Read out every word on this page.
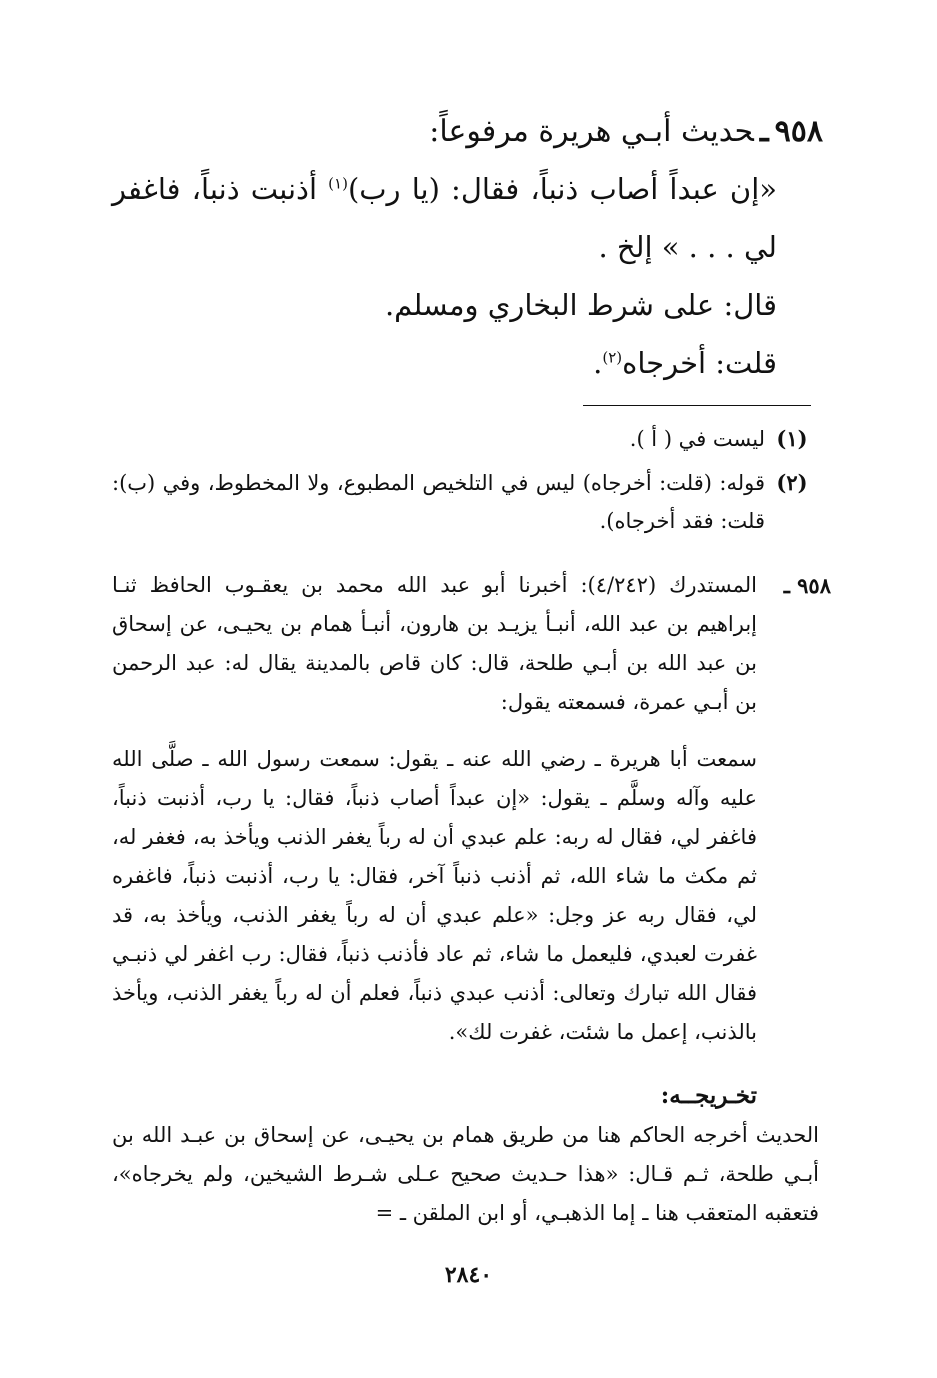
٩٥٨ـحديث أبـي هريرة مرفوعاً:
«إن عبداً أصاب ذنباً، فقال: (يا رب)$^{(١)}$ أذنبت ذنباً، فاغفر لي . . . » إلخ .
قال: على شرط البخاري ومسلم.
قلت: أخرجاه$^{(٢)}$.
(١)
ليست في ( أ ).
(٢)
قوله: (قلت: أخرجاه) ليس في التلخيص المطبوع، ولا المخطوط، وفي (ب): قلت: فقد أخرجاه).
٩٥٨ ـ
المستدرك (٤/٢٤٢): أخبرنا أبو عبد الله محمد بن يعقـوب الحافظ ثنـا إبراهيم بن عبد الله، أنبـأ يزيـد بن هارون، أنبـأ همام بن يحيـى، عن إسحاق بن عبد الله بن أبـي طلحة، قال: كان قاص بالمدينة يقال له: عبد الرحمن بن أبـي عمرة، فسمعته يقول:
سمعت أبا هريرة ـ رضي الله عنه ـ يقول: سمعت رسول الله ـ صلَّى الله عليه وآله وسلَّم ـ يقول: «إن عبداً أصاب ذنباً، فقال: يا رب، أذنبت ذنباً، فاغفر لي، فقال له ربه: علم عبدي أن له رباً يغفر الذنب ويأخذ به، فغفر له، ثم مكث ما شاء الله، ثم أذنب ذنباً آخر، فقال: يا رب، أذنبت ذنباً، فاغفره لي، فقال ربه عز وجل: «علم عبدي أن له رباً يغفر الذنب، ويأخذ به، قد غفرت لعبدي، فليعمل ما شاء، ثم عاد فأذنب ذنباً، فقال: رب اغفر لي ذنبـي فقال الله تبارك وتعالى: أذنب عبدي ذنباً، فعلم أن له رباً يغفر الذنب، ويأخذ بالذنب، إعمل ما شئت، غفرت لك».
تخـريجــه:
الحديث أخرجه الحاكم هنا من طريق همام بن يحيـى، عن إسحاق بن عبـد الله بن أبـي طلحة، ثـم قـال: «هذا حـديث صحيح عـلى شـرط الشيخين، ولم يخرجاه»، فتعقبه المتعقب هنا ـ إما الذهبـي، أو ابن الملقن ـ =
٢٨٤٠
